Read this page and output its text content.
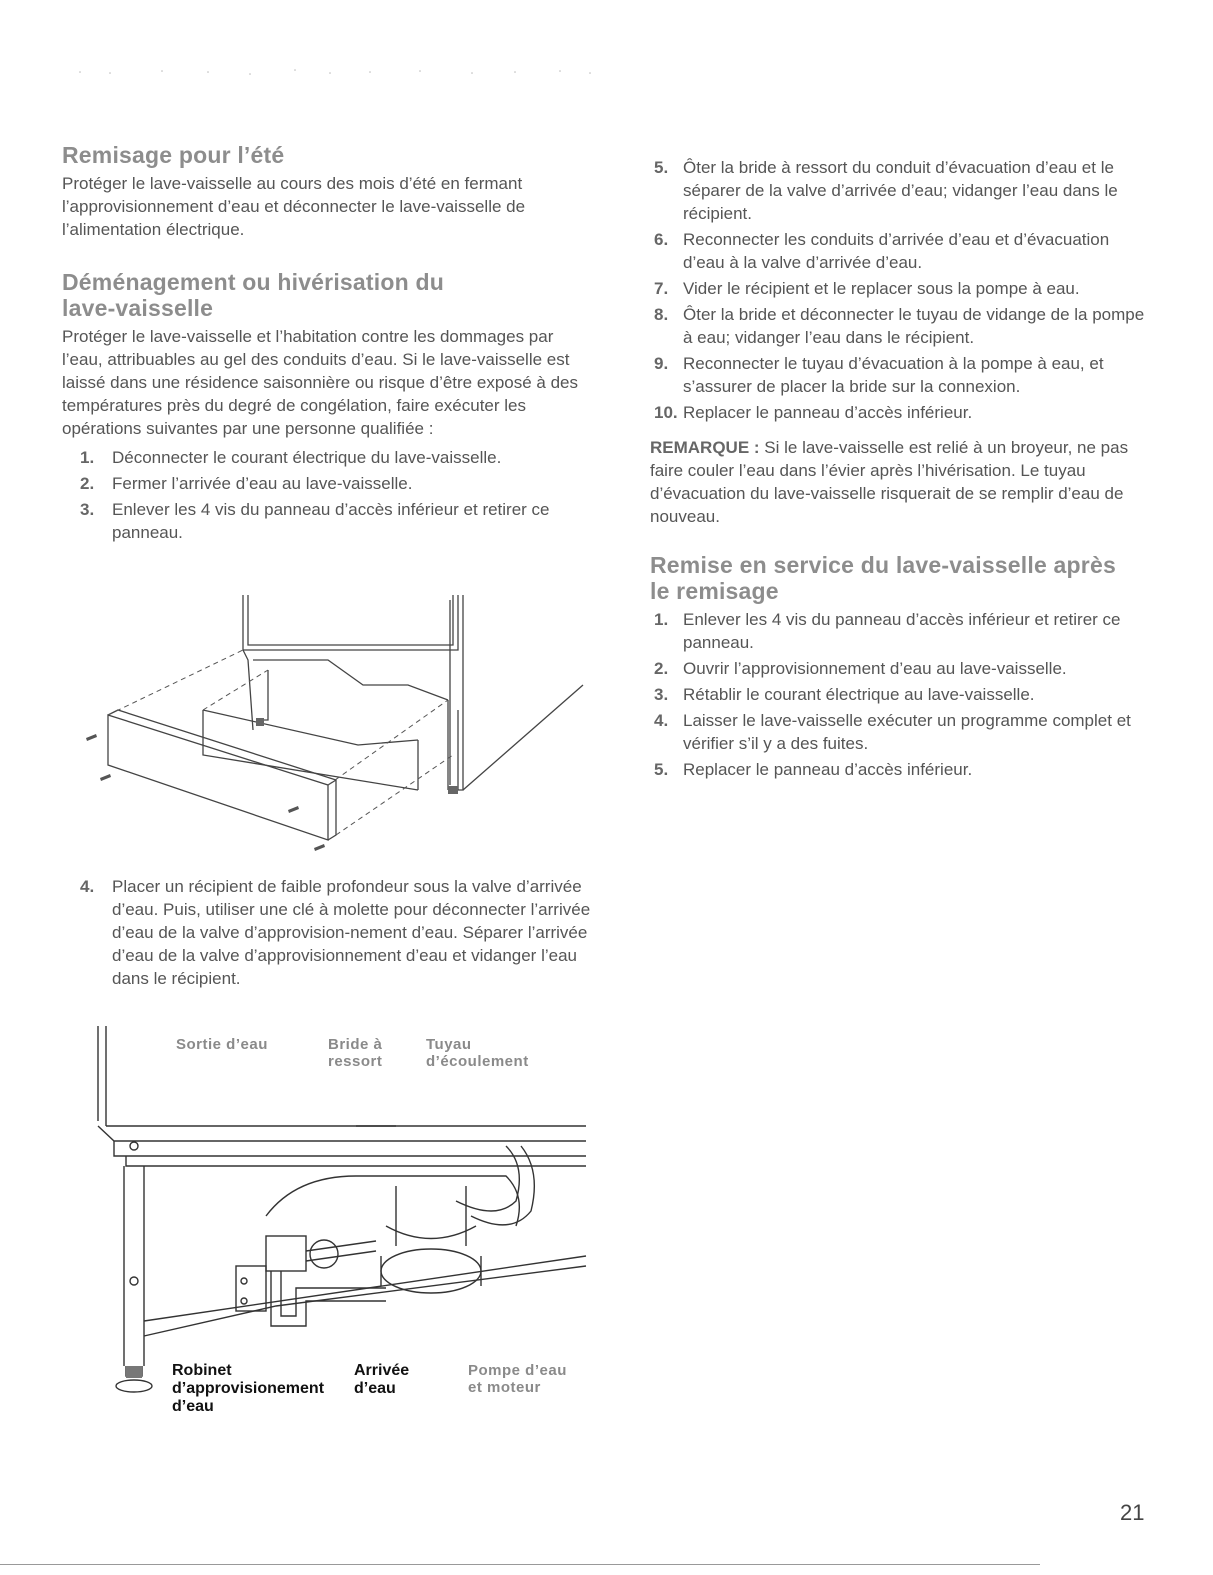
Remisage pour l’été

Protéger le lave-vaisselle au cours des mois d’été en fermant l’approvisionnement d’eau et déconnecter le lave-vaisselle de l’alimentation électrique.

Déménagement ou hivérisation du
lave-vaisselle

Protéger le lave-vaisselle et l’habitation contre les dommages par l’eau, attribuables au gel des conduits d’eau. Si le lave-vaisselle est laissé dans une résidence saisonnière ou risque d’être exposé à des températures près du degré de congélation, faire exécuter les opérations suivantes par une personne qualifiée :

1. Déconnecter le courant électrique du lave-vaisselle.
2. Fermer l’arrivée d’eau au lave-vaisselle.
3. Enlever les 4 vis du panneau d’accès inférieur et retirer ce panneau.
4. Placer un récipient de faible profondeur sous la valve d’arrivée d’eau. Puis, utiliser une clé à molette pour déconnecter l’arrivée d’eau de la valve d’approvision-nement d’eau. Séparer l’arrivée d’eau de la valve d’approvisionnement d’eau et vidanger l’eau dans le récipient.
Sortie d’eau	Bride à ressort
Tuyau d’écoulement
Robinet d’approvisionement d’eau
Arrivée d’eau
Pompe d’eau et moteur
5. Ôter la bride à ressort du conduit d’évacuation d’eau et le séparer de la valve d’arrivée d’eau; vidanger l’eau dans le récipient.
6. Reconnecter les conduits d’arrivée d’eau et d’évacuation d’eau à la valve d’arrivée d’eau.
7. Vider le récipient et le replacer sous la pompe à eau.
8. Ôter la bride et déconnecter le tuyau de vidange de la pompe à eau; vidanger l’eau dans le récipient.
9. Reconnecter le tuyau d’évacuation à la pompe à eau, et s’assurer de placer la bride sur la connexion.
10. Replacer le panneau d’accès inférieur.

REMARQUE : Si le lave-vaisselle est relié à un broyeur, ne pas faire couler l’eau dans l’évier après l’hivérisation. Le tuyau d’évacuation du lave-vaisselle risquerait de se remplir d’eau de nouveau.

Remise en service du lave-vaisselle après
le remisage
1. Enlever les 4 vis du panneau d’accès inférieur et retirer ce panneau.
2. Ouvrir l’approvisionnement d’eau au lave-vaisselle.
3. Rétablir le courant électrique au lave-vaisselle.
4. Laisser le lave-vaisselle exécuter un programme complet et vérifier s’il y a des fuites.
5. Replacer le panneau d’accès inférieur.
21
